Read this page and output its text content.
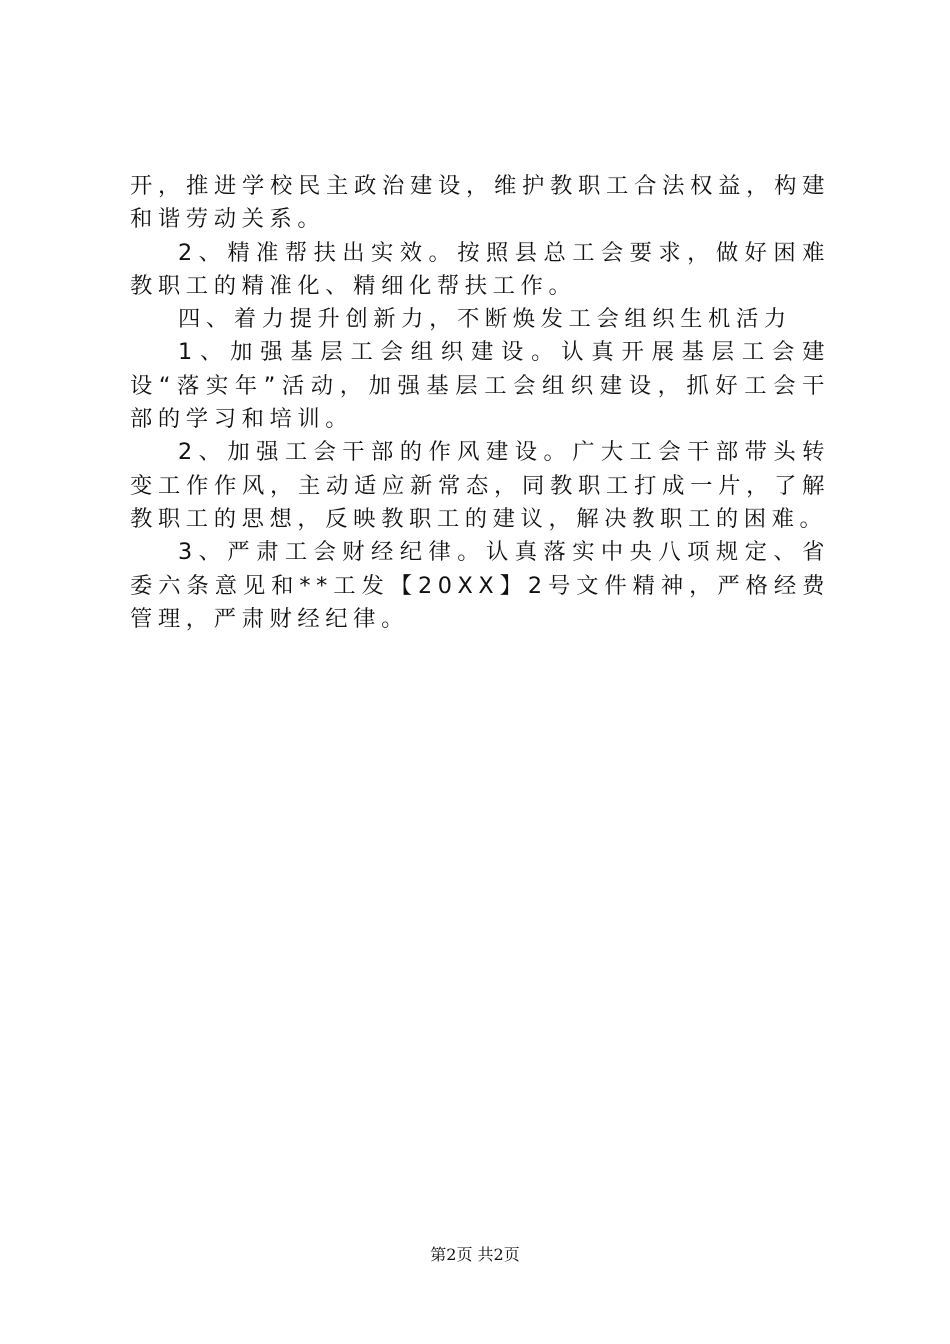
开，推进学校民主政治建设，维护教职工合法权益，构建和谐劳动关系。

2、精准帮扶出实效。按照县总工会要求，做好困难教职工的精准化、精细化帮扶工作。

四、着力提升创新力，不断焕发工会组织生机活力

1、加强基层工会组织建设。认真开展基层工会建设“落实年”活动，加强基层工会组织建设，抓好工会干部的学习和培训。

2、加强工会干部的作风建设。广大工会干部带头转变工作作风，主动适应新常态，同教职工打成一片，了解教职工的思想，反映教职工的建议，解决教职工的困难。

3、严肃工会财经纪律。认真落实中央八项规定、省委六条意见和**工发【20XX】2号文件精神，严格经费管理，严肃财经纪律。

第2页 共2页
